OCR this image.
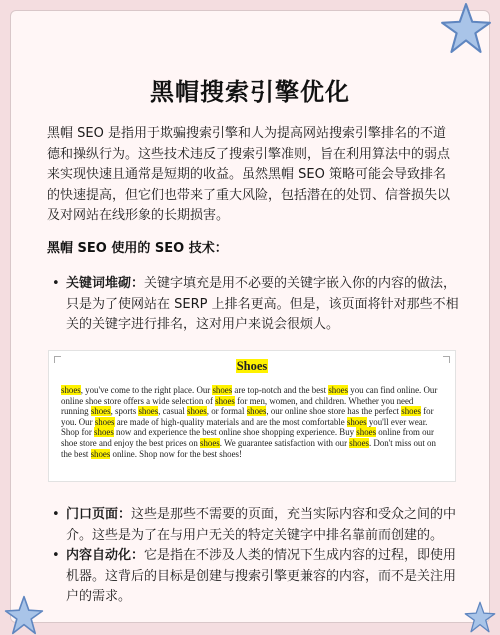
黑帽搜索引擎优化

黑帽 SEO 是指用于欺骗搜索引擎和人为提高网站搜索引擎排名的不道德和操纵行为。这些技术违反了搜索引擎准则，旨在利用算法中的弱点来实现快速且通常是短期的收益。虽然黑帽 SEO 策略可能会导致排名的快速提高，但它们也带来了重大风险，包括潜在的处罚、信誉损失以及对网站在线形象的长期损害。

黑帽 SEO 使用的 SEO 技术：

• 关键词堆砌：关键字填充是用不必要的关键字嵌入你的内容的做法，只是为了使网站在 SERP 上排名更高。但是，该页面将针对那些不相关的关键字进行排名，这对用户来说会很烦人。

Shoes
shoes, you've come to the right place. Our shoes are top-notch and the best shoes you can find online. Our online shoe store offers a wide selection of shoes for men, women, and children. Whether you need running shoes, sports shoes, casual shoes, or formal shoes, our online shoe store has the perfect shoes for you. Our shoes are made of high-quality materials and are the most comfortable shoes you'll ever wear. Shop for shoes now and experience the best online shoe shopping experience. Buy shoes online from our shoe store and enjoy the best prices on shoes. We guarantee satisfaction with our shoes. Don't miss out on the best shoes online. Shop now for the best shoes!

• 门口页面：这些是那些不需要的页面，充当实际内容和受众之间的中介。这些是为了在与用户无关的特定关键字中排名靠前而创建的。

• 内容自动化：它是指在不涉及人类的情况下生成内容的过程，即使用机器。这背后的目标是创建与搜索引擎更兼容的内容，而不是关注用户的需求。
